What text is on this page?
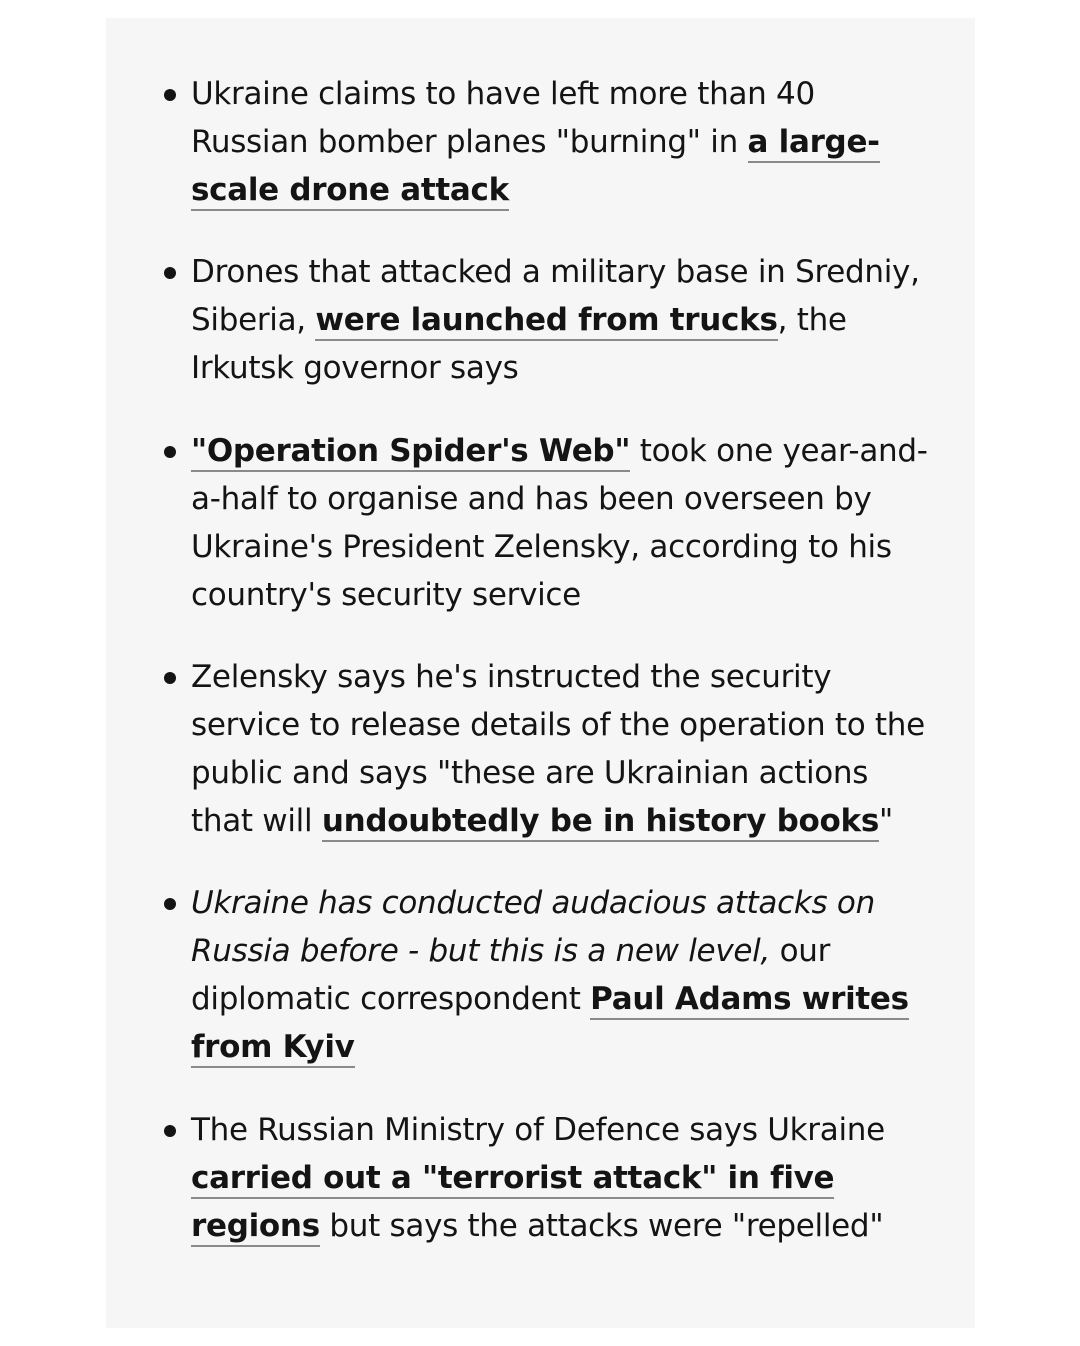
Ukraine claims to have left more than 40 Russian bomber planes "burning" in a large-scale drone attack
Drones that attacked a military base in Sredniy, Siberia, were launched from trucks, the Irkutsk governor says
"Operation Spider's Web" took one year-and-a-half to organise and has been overseen by Ukraine's President Zelensky, according to his country's security service
Zelensky says he's instructed the security service to release details of the operation to the public and says "these are Ukrainian actions that will undoubtedly be in history books"
Ukraine has conducted audacious attacks on Russia before - but this is a new level, our diplomatic correspondent Paul Adams writes from Kyiv
The Russian Ministry of Defence says Ukraine carried out a "terrorist attack" in five regions but says the attacks were "repelled"
